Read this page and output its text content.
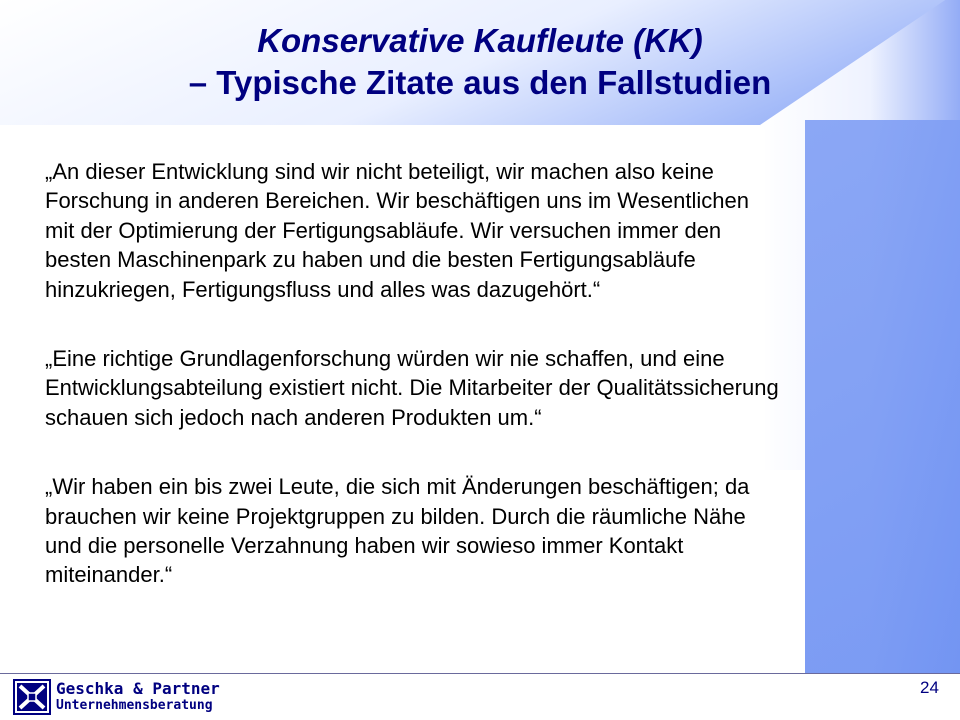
Konservative Kaufleute (KK)
– Typische Zitate aus den Fallstudien

„An dieser Entwicklung sind wir nicht beteiligt, wir machen also keine
Forschung in anderen Bereichen. Wir beschäftigen uns im Wesentlichen
mit der Optimierung der Fertigungsabläufe. Wir versuchen immer den
besten Maschinenpark zu haben und die besten Fertigungsabläufe
hinzukriegen, Fertigungsfluss und alles was dazugehört.“

„Eine richtige Grundlagenforschung würden wir nie schaffen, und eine
Entwicklungsabteilung existiert nicht. Die Mitarbeiter der Qualitätssicherung
schauen sich jedoch nach anderen Produkten um.“

„Wir haben ein bis zwei Leute, die sich mit Änderungen beschäftigen; da
brauchen wir keine Projektgruppen zu bilden. Durch die räumliche Nähe
und die personelle Verzahnung haben wir sowieso immer Kontakt
miteinander.“

Geschka & Partner
Unternehmensberatung
24
